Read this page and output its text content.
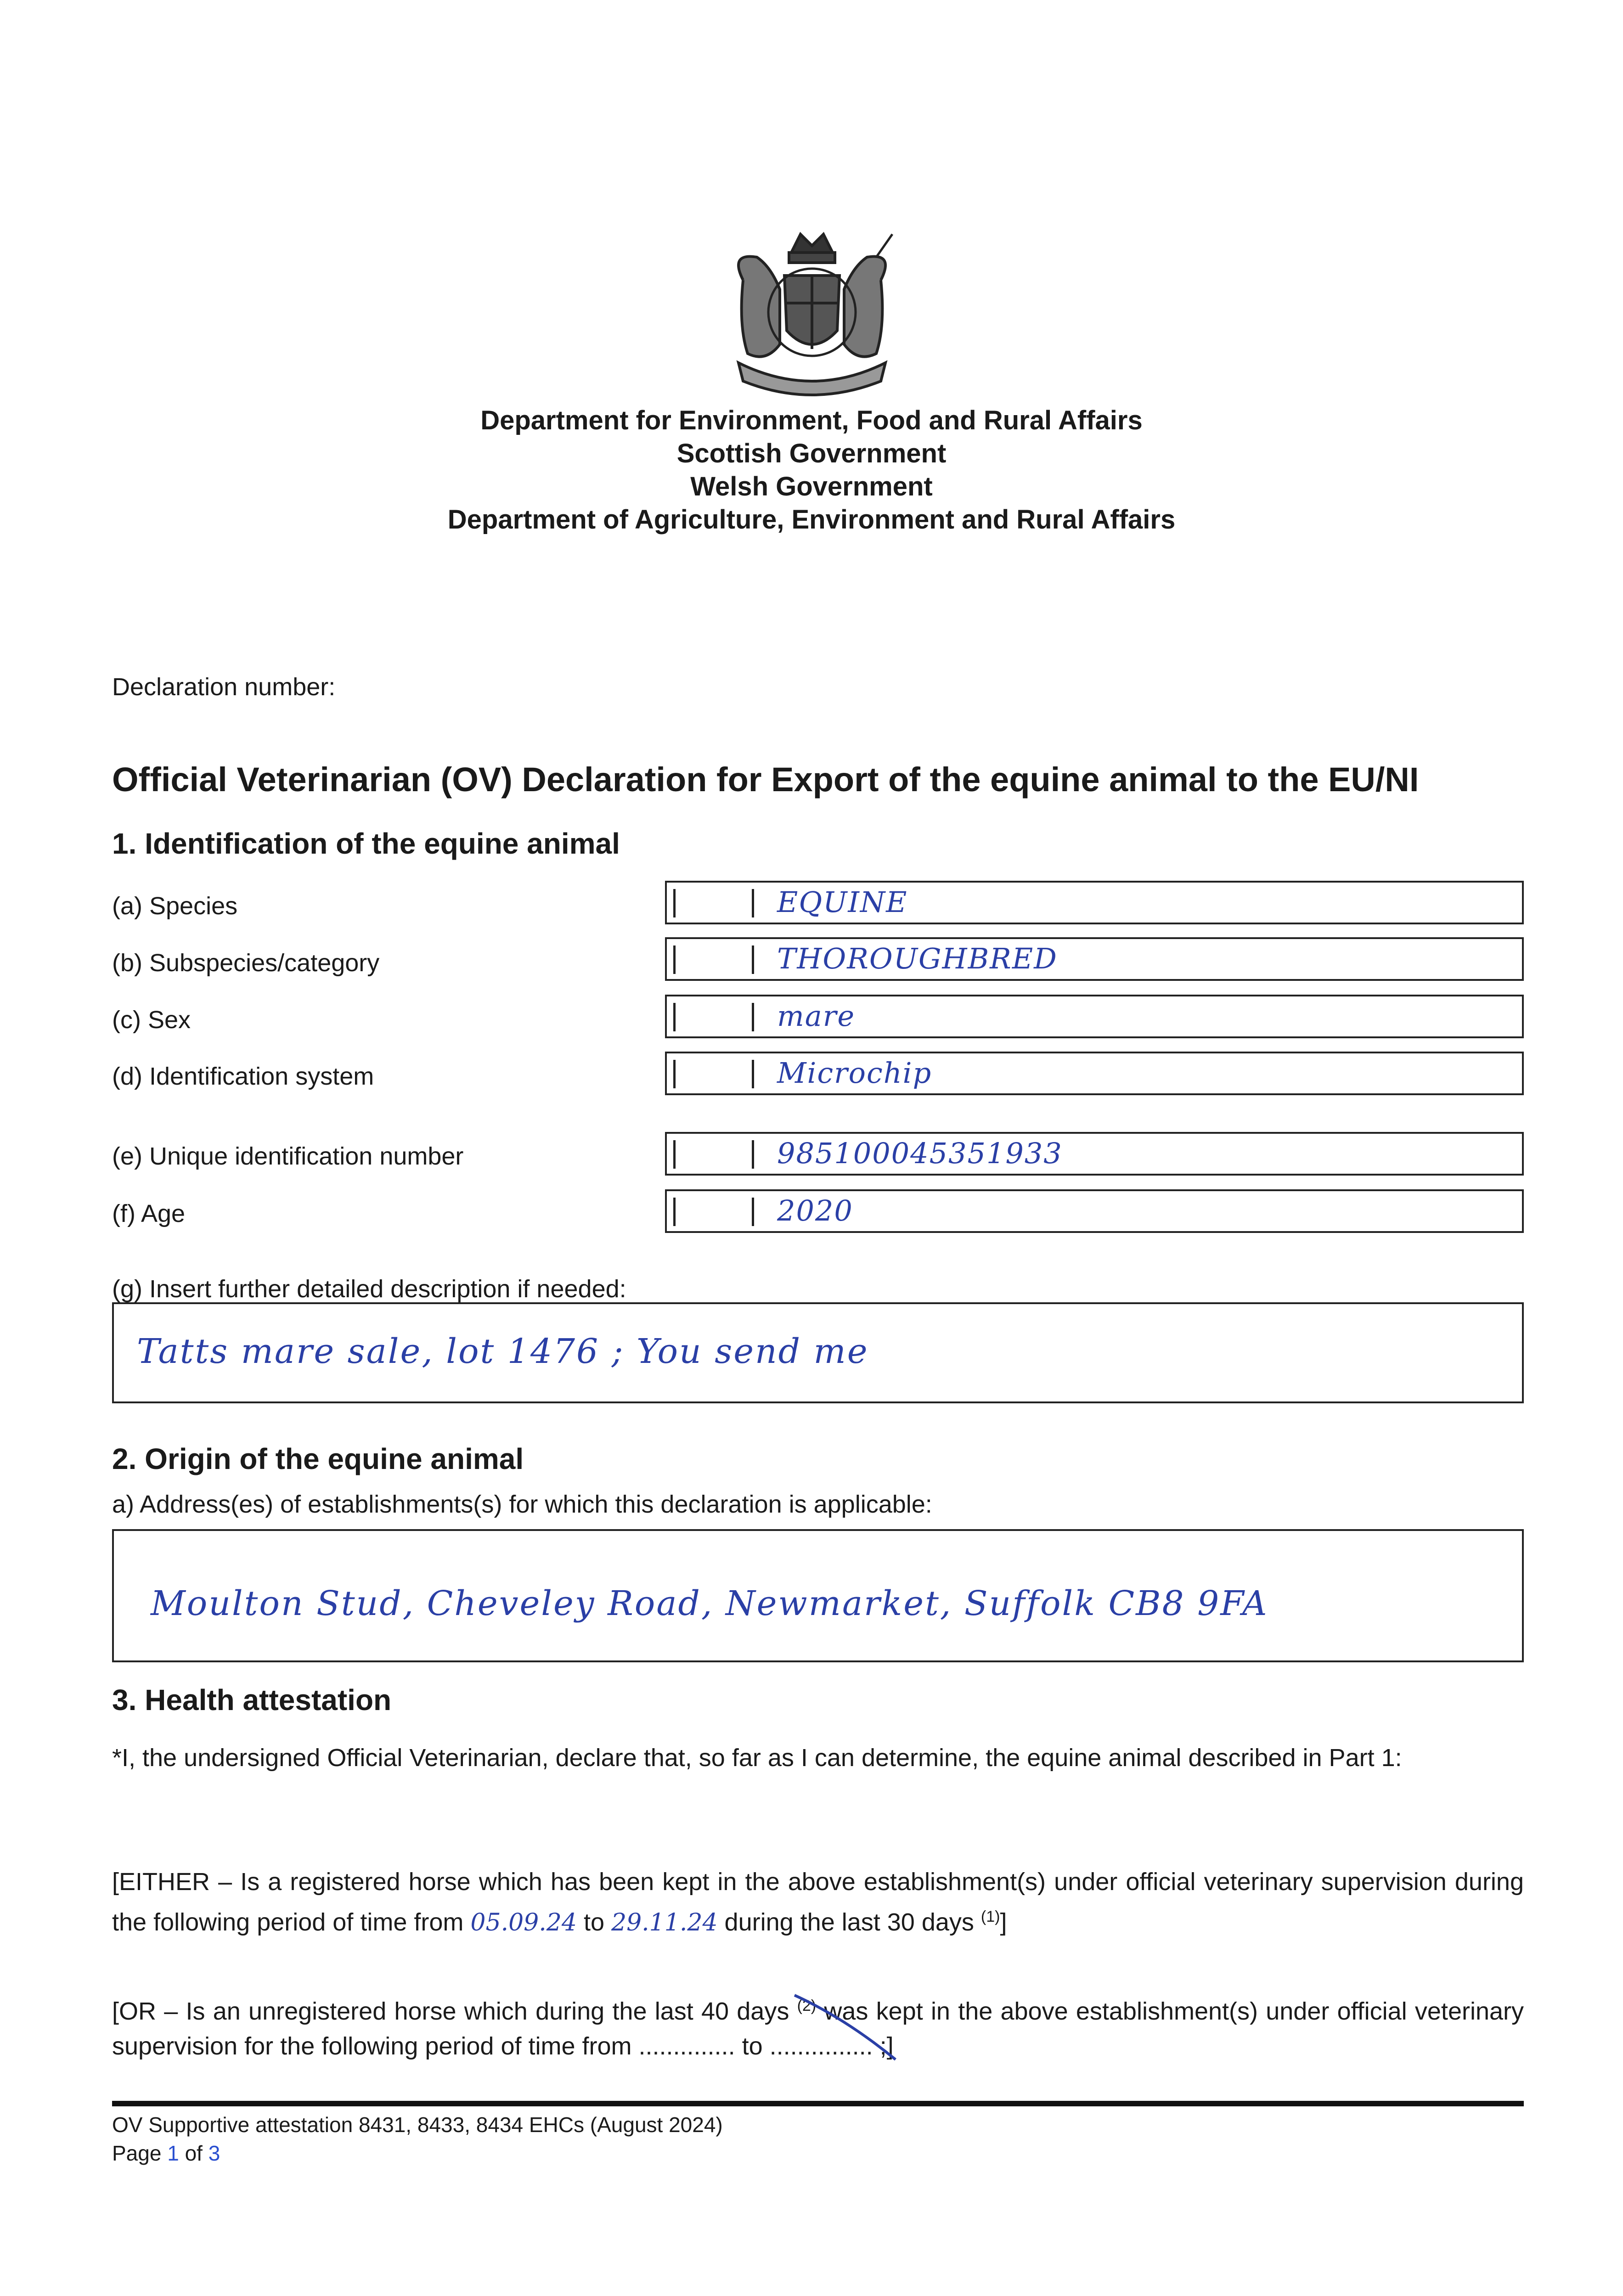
Department for Environment, Food and Rural Affairs
Scottish Government
Welsh Government
Department of Agriculture, Environment and Rural Affairs
Declaration number:
Official Veterinarian (OV) Declaration for Export of the equine animal to the EU/NI
1. Identification of the equine animal
(a) Species
(b) Subspecies/category
(c) Sex
(d) Identification system
(e) Unique identification number
(f) Age
EQUINE
THOROUGHBRED
mare
Microchip
985100045351933
2020
(g) Insert further detailed description if needed:
Tatts mare sale, lot 1476 ; You send me
2. Origin of the equine animal
a) Address(es) of establishments(s) for which this declaration is applicable:
Moulton Stud, Cheveley Road, Newmarket, Suffolk CB8 9FA
3. Health attestation
*I, the undersigned Official Veterinarian, declare that, so far as I can determine, the equine animal described in Part 1:
[EITHER – Is a registered horse which has been kept in the above establishment(s) under official veterinary supervision during the following period of time from 05.09.24 to 29.11.24 during the last 30 days $^{(1)}$]
[OR – Is an unregistered horse which during the last 40 days $^{(2)}$ was kept in the above establishment(s) under official veterinary supervision for the following period of time from .............. to ............... ;]
OV Supportive attestation 8431, 8433, 8434 EHCs (August 2024)
Page 1 of 3
